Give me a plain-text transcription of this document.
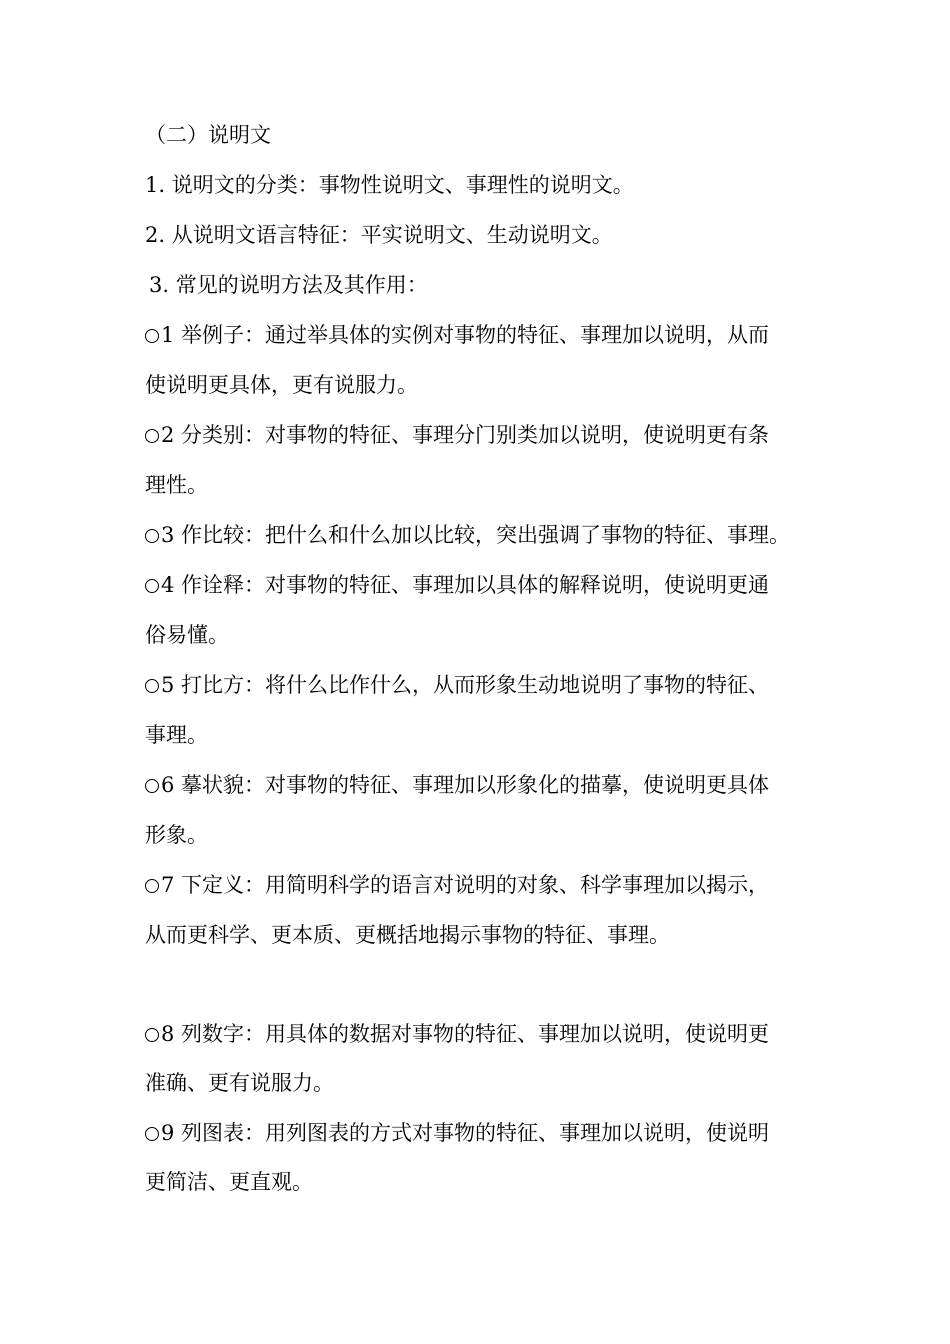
（二）说明文
1. 说明文的分类：事物性说明文、事理性的说明文。
2. 从说明文语言特征：平实说明文、生动说明文。
3. 常见的说明方法及其作用：
1 举例子：通过举具体的实例对事物的特征、事理加以说明，从而
使说明更具体，更有说服力。
2 分类别：对事物的特征、事理分门别类加以说明，使说明更有条
理性。
3 作比较：把什么和什么加以比较，突出强调了事物的特征、事理。
4 作诠释：对事物的特征、事理加以具体的解释说明，使说明更通
俗易懂。
5 打比方：将什么比作什么，从而形象生动地说明了事物的特征、
事理。
6 摹状貌：对事物的特征、事理加以形象化的描摹，使说明更具体
形象。
7 下定义：用简明科学的语言对说明的对象、科学事理加以揭示，
从而更科学、更本质、更概括地揭示事物的特征、事理。
8 列数字：用具体的数据对事物的特征、事理加以说明，使说明更
准确、更有说服力。
9 列图表：用列图表的方式对事物的特征、事理加以说明，使说明
更简洁、更直观。
